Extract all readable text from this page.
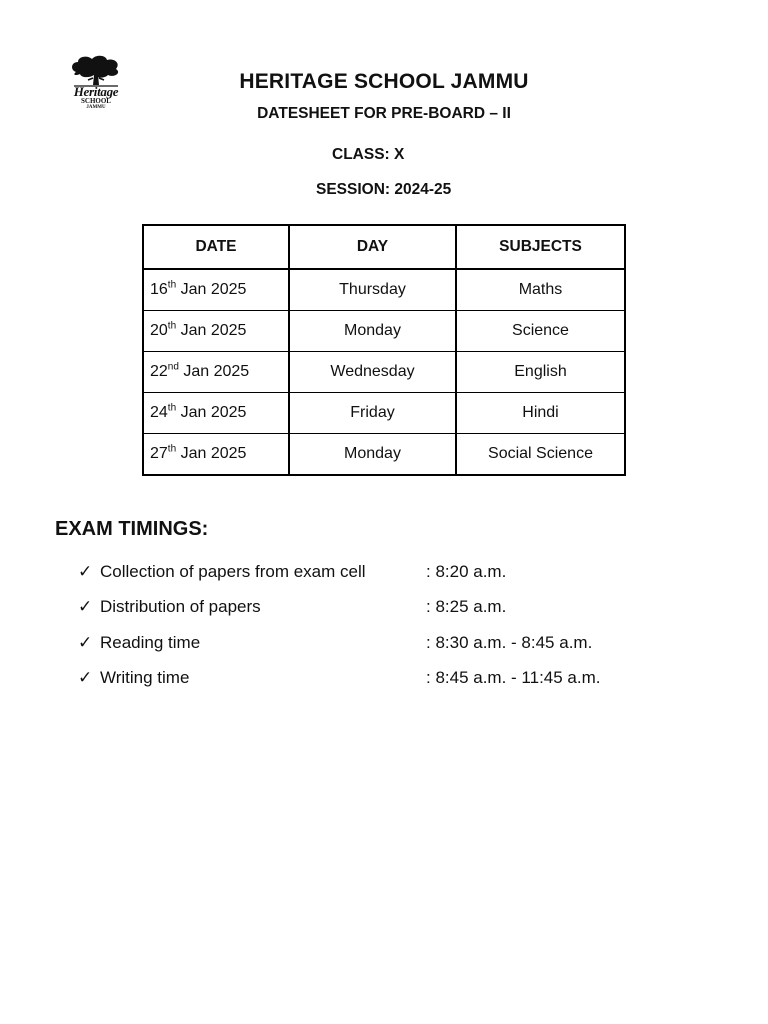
Heritage
SCHOOL
JAMMU
HERITAGE SCHOOL JAMMU
DATESHEET FOR PRE-BOARD – II
CLASS: X
SESSION: 2024-25
DATE	DAY	SUBJECTS
16th Jan 2025	Thursday	Maths
20th Jan 2025	Monday	Science
22nd Jan 2025	Wednesday	English
24th Jan 2025	Friday	Hindi
27th Jan 2025	Monday	Social Science
EXAM TIMINGS:
✓ Collection of papers from exam cell	: 8:20 a.m.
✓ Distribution of papers	: 8:25 a.m.
✓ Reading time	: 8:30 a.m. - 8:45 a.m.
✓ Writing time	: 8:45 a.m. - 11:45 a.m.
